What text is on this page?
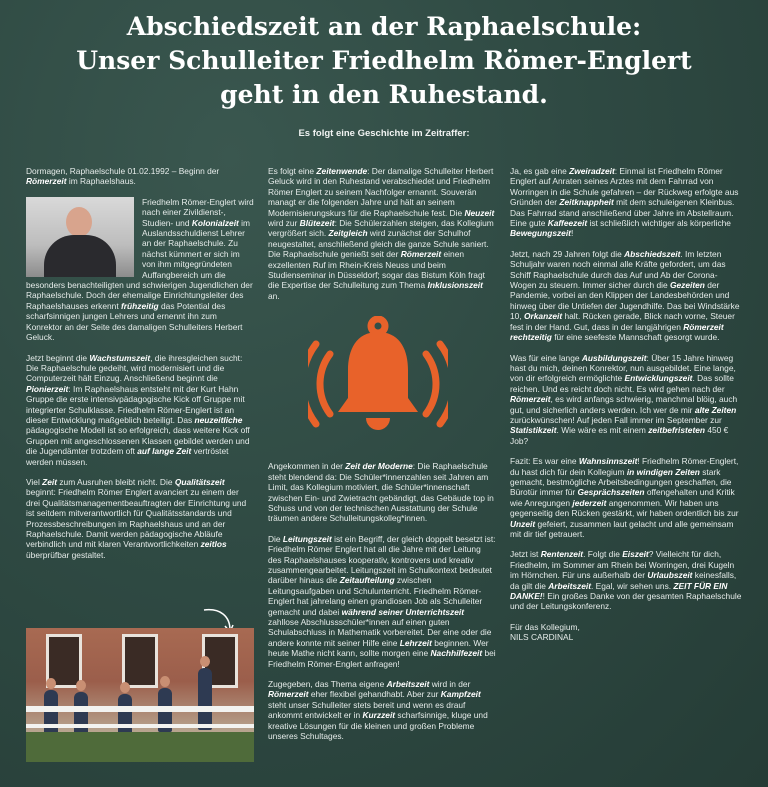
Abschiedszeit an der Raphaelschule:
Unser Schulleiter Friedhelm Römer-Englert
geht in den Ruhestand.
Es folgt eine Geschichte im Zeitraffer:

Dormagen, Raphaelschule 01.02.1992 – Beginn der Römerzeit im Raphaelshaus.

Friedhelm Römer-Englert wird nach einer Zivildienst-, Studien- und Kolonialzeit im Auslandsschuldienst Lehrer an der Raphaelschule. Zu nächst kümmert er sich im von ihm mitgegründeten Auffangbereich um die besonders benachteiligten und schwierigen Jugendlichen der Raphaelschule. Doch der ehemalige Einrichtungsleiter des Raphaelshauses erkennt frühzeitig das Potential des scharfsinnigen jungen Lehrers und ernennt ihn zum Konrektor an der Seite des damaligen Schulleiters Herbert Geluck.

Jetzt beginnt die Wachstumszeit, die ihresgleichen sucht: Die Raphaelschule gedeiht, wird modernisiert und die Computerzeit hält Einzug. Anschließend beginnt die Pionierzeit: Im Raphaelshaus entsteht mit der Kurt Hahn Gruppe die erste intensivpädagogische Kick off Gruppe mit integrierter Schulklasse. Friedhelm Römer-Englert ist an dieser Entwicklung maßgeblich beteiligt. Das neuzeitliche pädagogische Modell ist so erfolgreich, dass weitere Kick off Gruppen mit angeschlossenen Klassen gebildet werden und die Jugendämter trotzdem oft auf lange Zeit vertröstet werden müssen.

Viel Zeit zum Ausruhen bleibt nicht. Die Qualitätszeit beginnt: Friedhelm Römer Englert avanciert zu einem der drei Qualitätsmanagementbeauftragten der Einrichtung und ist seitdem mitverantwortlich für Qualitätsstandards und Prozessbeschreibungen im Raphaelshaus und an der Raphaelschule. Damit werden pädagogische Abläufe verbindlich und mit klaren Verantwortlichkeiten zeitlos überprüfbar gestaltet.

Es folgt eine Zeitenwende: Der damalige Schulleiter Herbert Geluck wird in den Ruhestand verabschiedet und Friedhelm Römer Englert zu seinem Nachfolger ernannt. Souverän managt er die folgenden Jahre und hält an seinem Modernisierungskurs für die Raphaelschule fest. Die Neuzeit wird zur Blütezeit: Die Schülerzahlen steigen, das Kollegium vergrößert sich. Zeitgleich wird zunächst der Schulhof neugestaltet, anschließend gleich die ganze Schule saniert. Die Raphaelschule genießt seit der Römerzeit einen exzellenten Ruf im Rhein-Kreis Neuss und beim Studienseminar in Düsseldorf; sogar das Bistum Köln fragt die Expertise der Schulleitung zum Thema Inklusionszeit an.

Angekommen in der Zeit der Moderne: Die Raphaelschule steht blendend da: Die Schüler*innenzahlen seit Jahren am Limit, das Kollegium motiviert, die Schüler*innenschaft zwischen Ein- und Zwietracht gebändigt, das Gebäude top in Schuss und von der technischen Ausstattung der Schule träumen andere Schulleitungskolleg*innen.

Die Leitungszeit ist ein Begriff, der gleich doppelt besetzt ist: Friedhelm Römer Englert hat all die Jahre mit der Leitung des Raphaelshauses kooperativ, kontrovers und kreativ zusammengearbeitet. Leitungszeit im Schulkontext bedeutet darüber hinaus die Zeitaufteilung zwischen Leitungsaufgaben und Schulunterricht. Friedhelm Römer-Englert hat jahrelang einen grandiosen Job als Schulleiter gemacht und dabei während seiner Unterrichtszeit zahllose Abschlussschüler*innen auf einen guten Schulabschluss in Mathematik vorbereitet. Der eine oder die andere konnte mit seiner Hilfe eine Lehrzeit beginnen. Wer heute Mathe nicht kann, sollte morgen eine Nachhilfezeit bei Friedhelm Römer-Englert anfragen!

Zugegeben, das Thema eigene Arbeitszeit wird in der Römerzeit eher flexibel gehandhabt. Aber zur Kampfzeit steht unser Schulleiter stets bereit und wenn es drauf ankommt entwickelt er in Kurzzeit scharfsinnige, kluge und kreative Lösungen für die kleinen und großen Probleme unseres Schultages.

Ja, es gab eine Zweiradzeit: Einmal ist Friedhelm Römer Englert auf Anraten seines Arztes mit dem Fahrrad von Worringen in die Schule gefahren – der Rückweg erfolgte aus Gründen der Zeitknappheit mit dem schuleigenen Kleinbus. Das Fahrrad stand anschließend über Jahre im Abstellraum. Eine gute Kaffeezeit ist schließlich wichtiger als körperliche Bewegungszeit!

Jetzt, nach 29 Jahren folgt die Abschiedszeit. Im letzten Schuljahr waren noch einmal alle Kräfte gefordert, um das Schiff Raphaelschule durch das Auf und Ab der Corona-Wogen zu steuern. Immer sicher durch die Gezeiten der Pandemie, vorbei an den Klippen der Landesbehörden und hinweg über die Untiefen der Jugendhilfe. Das bei Windstärke 10, Orkanzeit halt. Rücken gerade, Blick nach vorne, Steuer fest in der Hand. Gut, dass in der langjährigen Römerzeit rechtzeitig für eine seefeste Mannschaft gesorgt wurde.

Was für eine lange Ausbildungszeit: Über 15 Jahre hinweg hast du mich, deinen Konrektor, nun ausgebildet. Eine lange, von dir erfolgreich ermöglichte Entwicklungszeit. Das sollte reichen. Und es reicht doch nicht. Es wird gehen nach der Römerzeit, es wird anfangs schwierig, manchmal blöig, auch gut, und sicherlich anders werden. Ich wer de mir alte Zeiten zurückwünschen! Auf jeden Fall immer im September zur Statistikzeit. Wie wäre es mit einem zeitbefristeten 450 € Job?

Fazit: Es war eine Wahnsinnszeit! Friedhelm Römer-Englert, du hast dich für dein Kollegium in windigen Zeiten stark gemacht, bestmögliche Arbeitsbedingungen geschaffen, die Bürotür immer für Gesprächszeiten offengehalten und Kritik wie Anregungen jederzeit angenommen. Wir haben uns gegenseitig den Rücken gestärkt, wir haben ordentlich bis zur Unzeit gefeiert, zusammen laut gelacht und alle gemeinsam mit dir tief getrauert.

Jetzt ist Rentenzeit. Folgt die Eiszeit? Vielleicht für dich, Friedhelm, im Sommer am Rhein bei Worringen, drei Kugeln im Hörnchen. Für uns außerhalb der Urlaubszeit keinesfalls, da gilt die Arbeitszeit. Egal, wir sehen uns. ZEIT FÜR EIN DANKE!! Ein großes Danke von der gesamten Raphaelschule und der Leitungskonferenz.

Für das Kollegium,
NILS CARDINAL
